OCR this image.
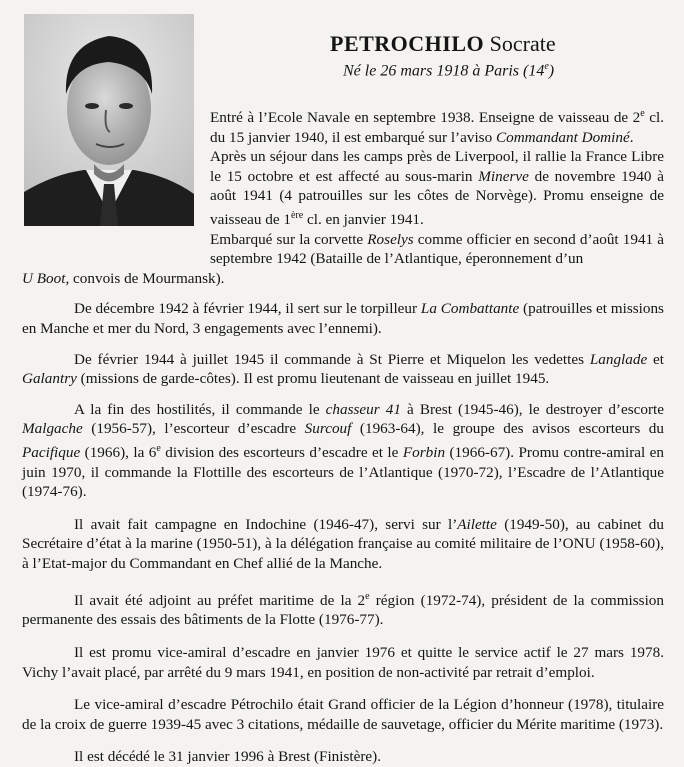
PETROCHILO Socrate
Né le 26 mars 1918 à Paris (14e)

Entré à l’Ecole Navale en septembre 1938. Enseigne de vaisseau de 2e cl. du 15 janvier 1940, il est embarqué sur l’aviso Commandant Dominé.

Après un séjour dans les camps près de Liverpool, il rallie la France Libre le 15 octobre et est affecté au sous-marin Minerve de novembre 1940 à août 1941 (4 patrouilles sur les côtes de Norvège). Promu enseigne de vaisseau de 1ère cl. en janvier 1941.

Embarqué sur la corvette Roselys comme officier en second d’août 1941 à septembre 1942 (Bataille de l’Atlantique, éperonnement d’un

U Boot, convois de Mourmansk).

De décembre 1942 à février 1944, il sert sur le torpilleur La Combattante (patrouilles et missions en Manche et mer du Nord, 3 engagements avec l’ennemi).

De février 1944 à juillet 1945 il commande à St Pierre et Miquelon les vedettes Langlade et Galantry (missions de garde-côtes). Il est promu lieutenant de vaisseau en juillet 1945.

A la fin des hostilités, il commande le chasseur 41 à Brest (1945-46), le destroyer d’escorte Malgache (1956-57), l’escorteur d’escadre Surcouf (1963-64), le groupe des avisos escorteurs du Pacifique (1966), la 6e division des escorteurs d’escadre et le Forbin (1966-67). Promu contre-amiral en juin 1970, il commande la Flottille des escorteurs de l’Atlantique (1970-72), l’Escadre de l’Atlantique (1974-76).

Il avait fait campagne en Indochine (1946-47), servi sur l’Ailette (1949-50), au cabinet du Secrétaire d’état à la marine (1950-51), à la délégation française au comité militaire de l’ONU (1958-60), à l’Etat-major du Commandant en Chef allié de la Manche.

Il avait été adjoint au préfet maritime de la 2e région (1972-74), président de la commission permanente des essais des bâtiments de la Flotte (1976-77).

Il est promu vice-amiral d’escadre en janvier 1976 et quitte le service actif le 27 mars 1978. Vichy l’avait placé, par arrêté du 9 mars 1941, en position de non-activité par retrait d’emploi.

Le vice-amiral d’escadre Pétrochilo était Grand officier de la Légion d’honneur (1978), titulaire de la croix de guerre 1939-45 avec 3 citations, médaille de sauvetage, officier du Mérite maritime (1973).

Il est décédé le 31 janvier 1996 à Brest (Finistère).
